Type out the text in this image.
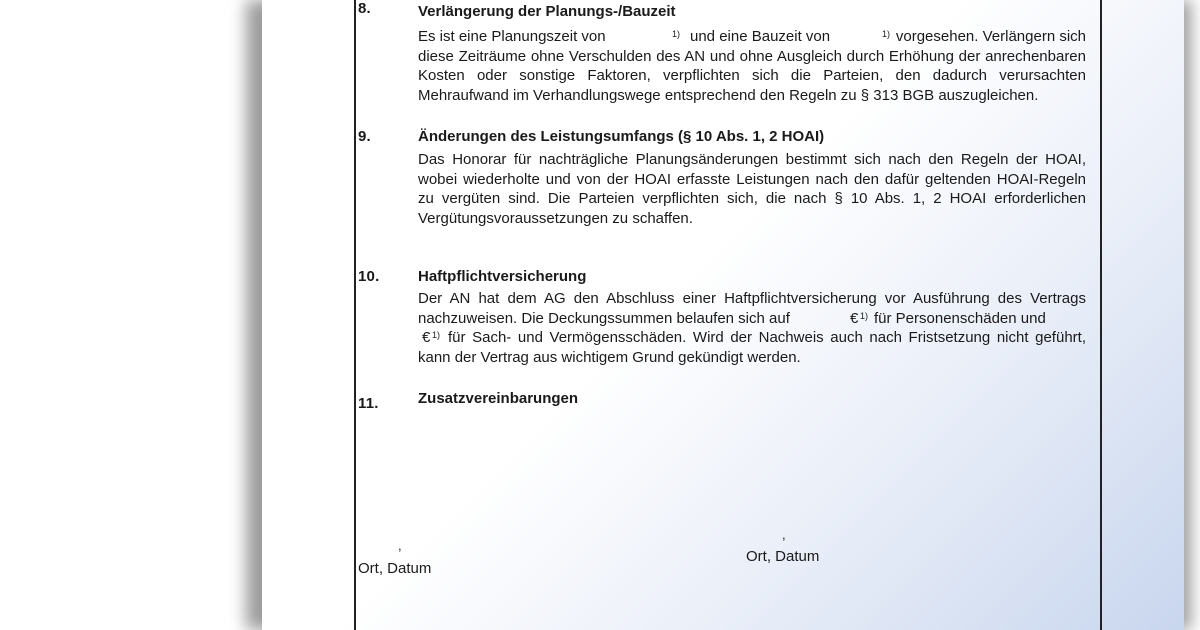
8.	Verlängerung der Planungs-/Bauzeit
Es ist eine Planungszeit von	1) und eine Bauzeit von	1) vorgesehen. Verlängern sich
diese Zeiträume ohne Verschulden des AN und ohne Ausgleich durch Erhöhung der anrechenbaren
Kosten oder sonstige Faktoren, verpflichten sich die Parteien, den dadurch verursachten
Mehraufwand im Verhandlungswege entsprechend den Regeln zu § 313 BGB auszugleichen.
9.	Änderungen des Leistungsumfangs (§ 10 Abs. 1, 2 HOAI)
Das Honorar für nachträgliche Planungsänderungen bestimmt sich nach den Regeln der HOAI,
wobei wiederholte und von der HOAI erfasste Leistungen nach den dafür geltenden HOAI-Regeln
zu vergüten sind. Die Parteien verpflichten sich, die nach § 10 Abs. 1, 2 HOAI erforderlichen
Vergütungsvoraussetzungen zu schaffen.
10.	Haftpflichtversicherung
Der AN hat dem AG den Abschluss einer Haftpflichtversicherung vor Ausführung des Vertrags
nachzuweisen. Die Deckungssummen belaufen sich auf	€ 1) für Personenschäden und
€ 1) für Sach- und Vermögensschäden. Wird der Nachweis auch nach Fristsetzung nicht geführt,
kann der Vertrag aus wichtigem Grund gekündigt werden.
11.	Zusatzvereinbarungen
,
Ort, Datum
,
Ort, Datum
